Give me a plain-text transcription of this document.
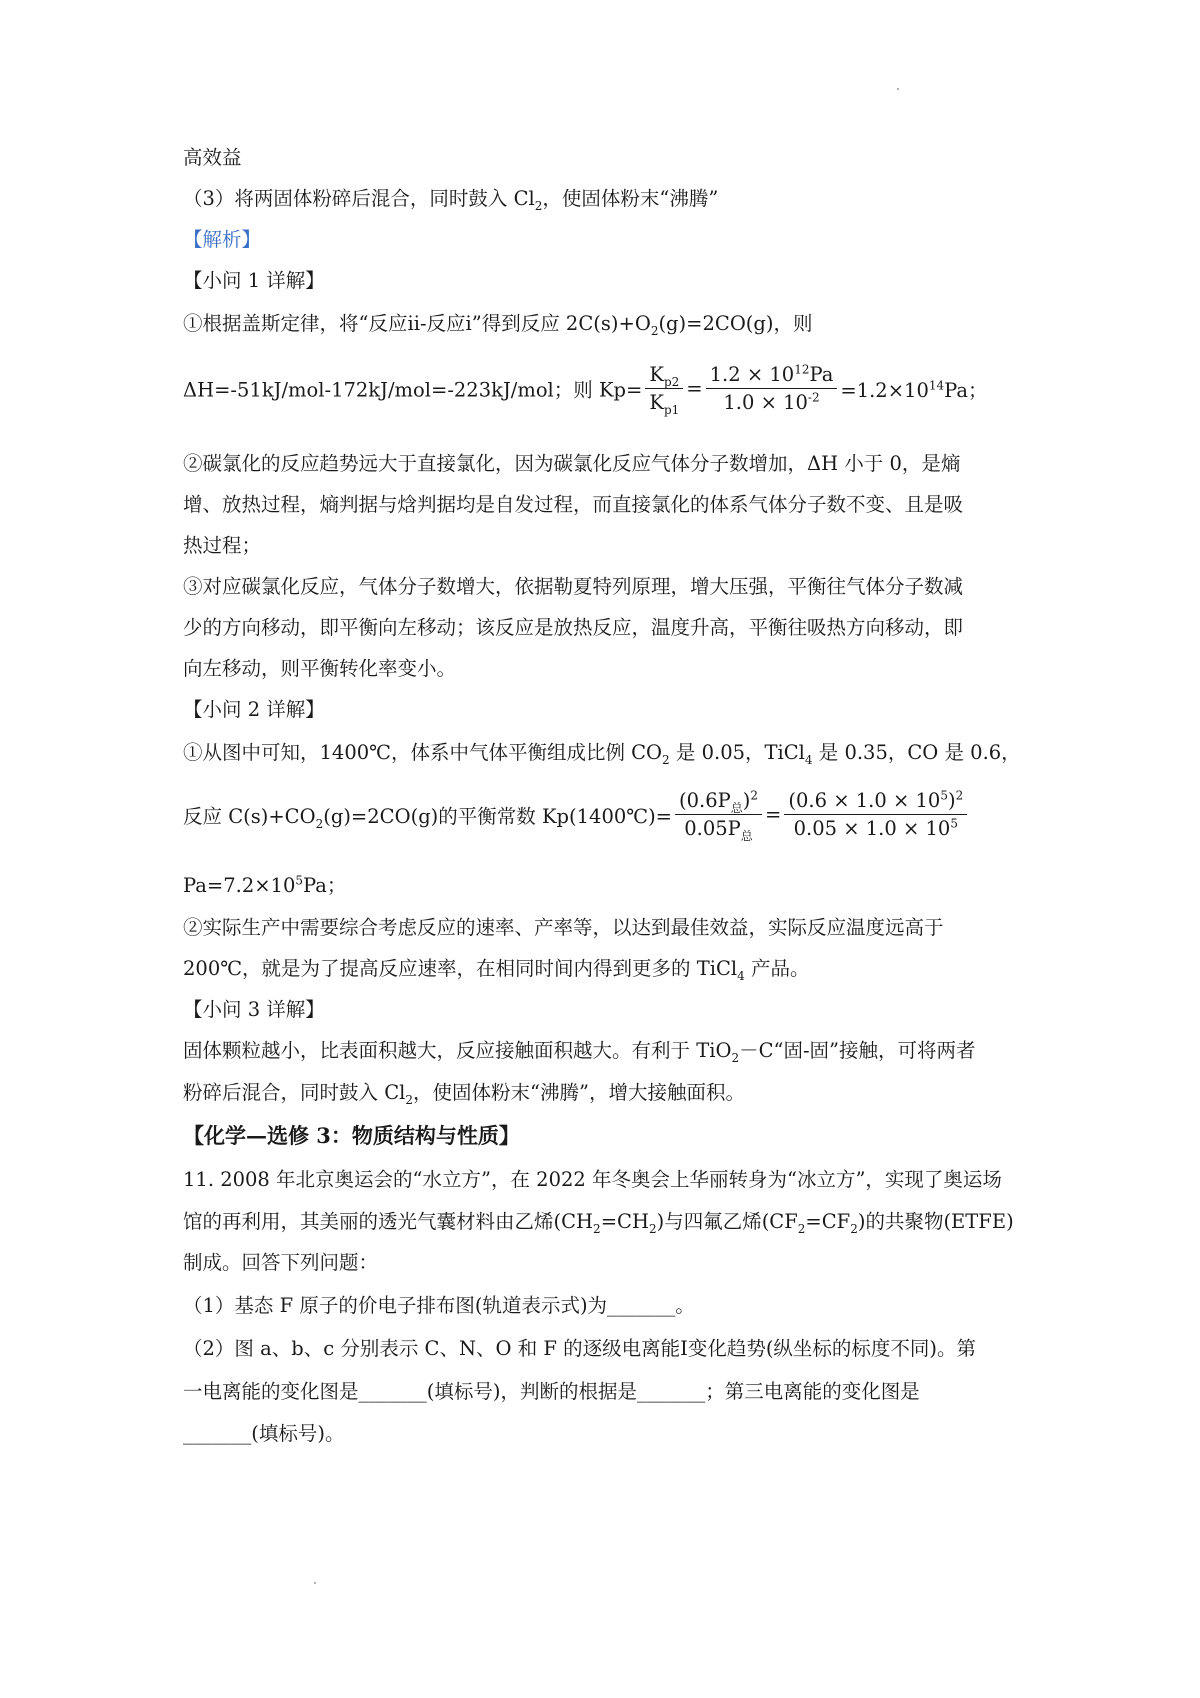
高效益
（3）将两固体粉碎后混合，同时鼓入 $Cl_2$，使固体粉末“沸腾”
【解析】
【小问 1 详解】
①根据盖斯定律，将“反应ⅱ-反应ⅰ”得到反应 $2C(s)+O_2(g)=2CO(g)$，则
ΔH=-51kJ/mol-172kJ/mol=-223kJ/mol；则 $Kp= \frac{K_{p2}}{K_{p1}} = \frac{1.2 \times 10^{12}Pa}{1.0 \times 10^{-2}} =1.2\times 10^{14}Pa$；
②碳氯化的反应趋势远大于直接氯化，因为碳氯化反应气体分子数增加，ΔH 小于 0，是熵
增、放热过程，熵判据与焓判据均是自发过程，而直接氯化的体系气体分子数不变、且是吸
热过程；
③对应碳氯化反应，气体分子数增大，依据勒夏特列原理，增大压强，平衡往气体分子数减
少的方向移动，即平衡向左移动；该反应是放热反应，温度升高，平衡往吸热方向移动，即
向左移动，则平衡转化率变小。
【小问 2 详解】
①从图中可知，1400℃，体系中气体平衡组成比例 $CO_2$ 是 0.05，TiCl$_4$ 是 0.35，CO 是 0.6，
反应 $C(s)+CO_2(g)=2CO(g)$的平衡常数 Kp(1400℃)= $\frac{(0.6P_总)^2}{0.05P_总} = \frac{(0.6 \times 1.0 \times 10^5)^2}{0.05 \times 1.0 \times 10^5}$
$Pa=7.2\times 10^5Pa$；
②实际生产中需要综合考虑反应的速率、产率等，以达到最佳效益，实际反应温度远高于
200℃，就是为了提高反应速率，在相同时间内得到更多的 TiCl$_4$ 产品。
【小问 3 详解】
固体颗粒越小，比表面积越大，反应接触面积越大。有利于 TiO$_2$－C“固-固”接触，可将两者
粉碎后混合，同时鼓入 $Cl_2$，使固体粉末“沸腾”，增大接触面积。
【化学—选修 3：物质结构与性质】
11. 2008 年北京奥运会的“水立方”，在 2022 年冬奥会上华丽转身为“冰立方”，实现了奥运场
馆的再利用，其美丽的透光气囊材料由乙烯$(CH_2=CH_2)$与四氟乙烯$(CF_2=CF_2)$的共聚物(ETFE)
制成。回答下列问题：
（1）基态 F 原子的价电子排布图(轨道表示式)为_______。
（2）图 a、b、c 分别表示 C、N、O 和 F 的逐级电离能Ⅰ变化趋势(纵坐标的标度不同)。第
一电离能的变化图是_______(填标号)，判断的根据是_______；第三电离能的变化图是
_______(填标号)。
